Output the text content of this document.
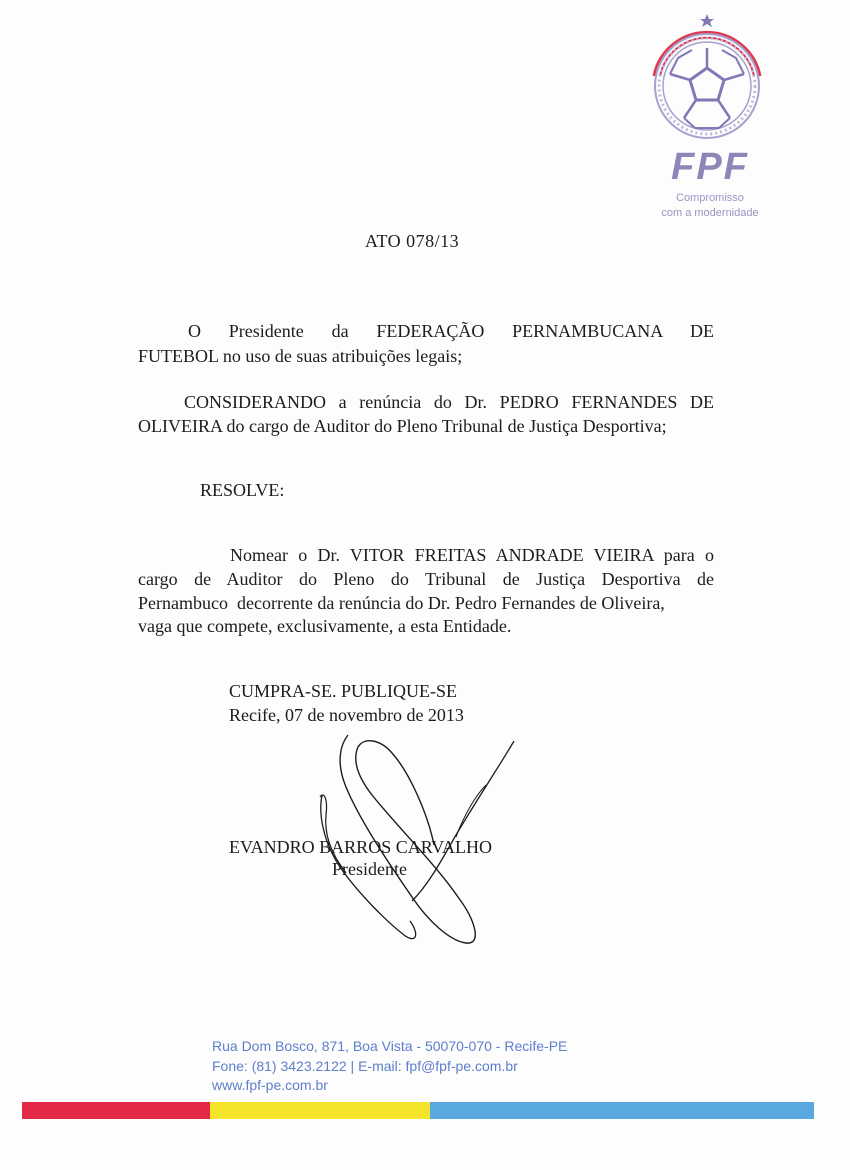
FPF
Compromisso
com a modernidade
ATO 078/13
O Presidente da FEDERAÇÃO PERNAMBUCANA DE
FUTEBOL no uso de suas atribuições legais;
CONSIDERANDO a renúncia do Dr. PEDRO FERNANDES DE
OLIVEIRA do cargo de Auditor do Pleno Tribunal de Justiça Desportiva;
RESOLVE:
Nomear o Dr. VITOR FREITAS ANDRADE VIEIRA para o
cargo de Auditor do Pleno do Tribunal de Justiça Desportiva de
Pernambuco  decorrente da renúncia do Dr. Pedro Fernandes de Oliveira,
vaga que compete, exclusivamente, a esta Entidade.
CUMPRA-SE. PUBLIQUE-SE
Recife, 07 de novembro de 2013
EVANDRO BARROS CARVALHO
Presidente
Rua Dom Bosco, 871, Boa Vista - 50070-070 - Recife-PE
Fone: (81) 3423.2122 | E-mail: fpf@fpf-pe.com.br
www.fpf-pe.com.br
